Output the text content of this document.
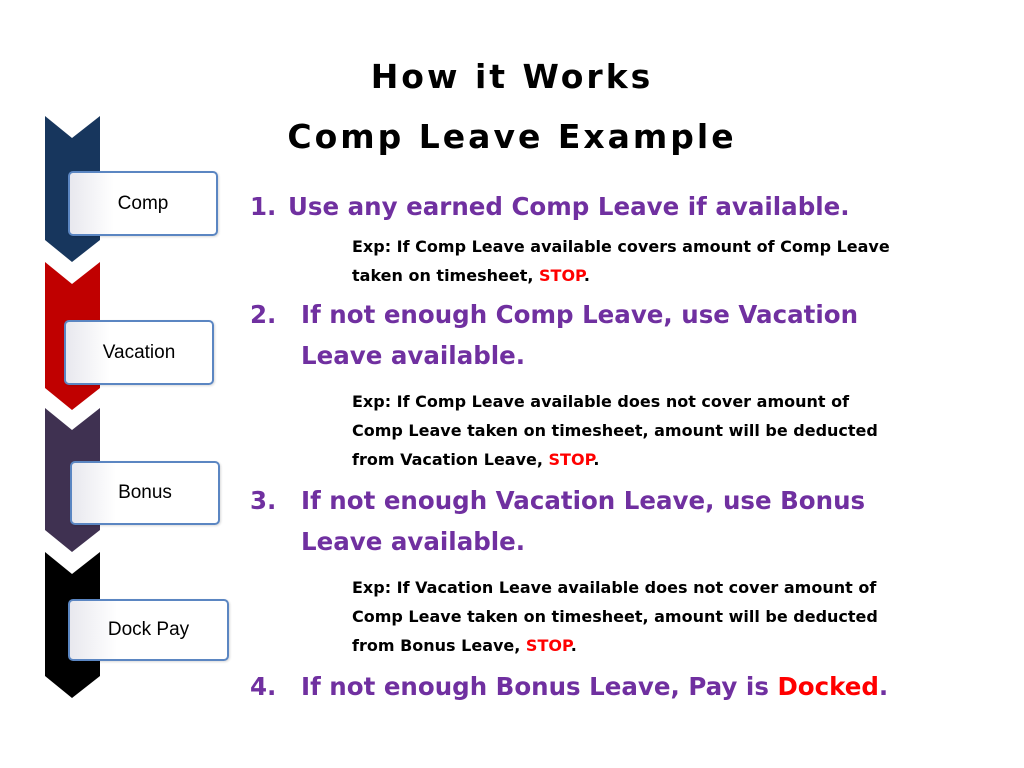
How it Works
Comp Leave Example
Comp
Vacation
Bonus
Dock Pay
1. Use any earned Comp Leave if available.
Exp: If Comp Leave available covers amount of Comp Leave
taken on timesheet, STOP.
2.	If not enough Comp Leave, use Vacation
Leave available.
Exp: If Comp Leave available does not cover amount of
Comp Leave taken on timesheet, amount will be deducted
from Vacation Leave, STOP.
3.	If not enough Vacation Leave, use Bonus
Leave available.
Exp: If Vacation Leave available does not cover amount of
Comp Leave taken on timesheet, amount will be deducted
from Bonus Leave, STOP.
4.	If not enough Bonus Leave, Pay is Docked.
